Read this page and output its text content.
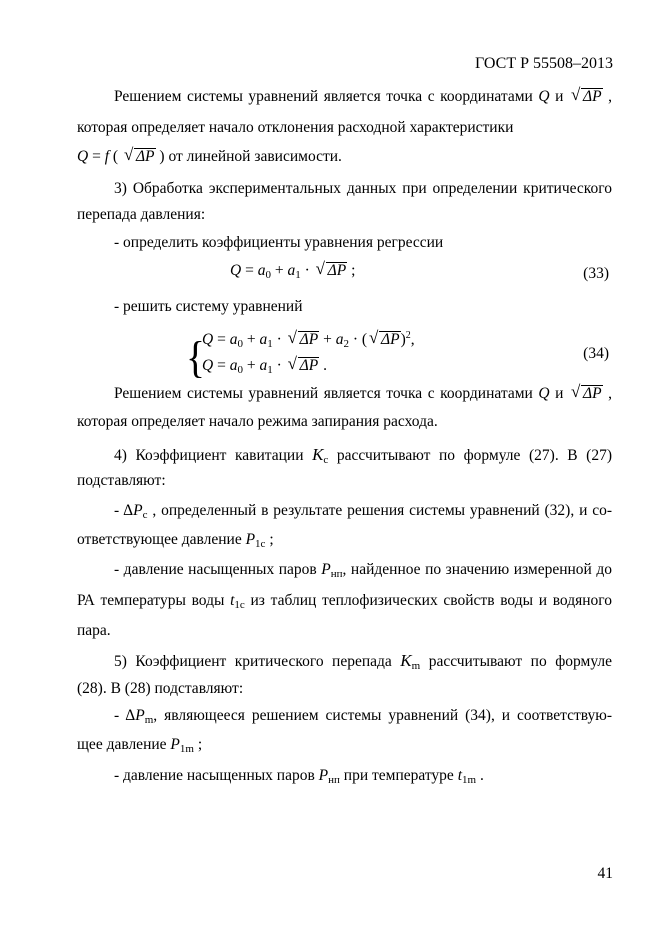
ГОСТ Р 55508–2013
Решением системы уравнений является точка с координатами Q и √ ΔP ,
которая определяет начало отклонения расходной характеристики
Q = f ( √ ΔP ) от линейной зависимости.
3) Обработка экспериментальных данных при определении критического
перепада давления:
- определить коэффициенты уравнения регрессии
$Q = a_0 + a_1$ · √ ΔP ;	(33)
- решить систему уравнений
{
$Q = a_0 + a_1$ · √ $\Delta P + a_2$ · ( √ ΔP)$^2$,
$Q = a_0 + a_1$ · √ ΔP .
(34)
Решением системы уравнений является точка с координатами Q и √ ΔP ,
которая определяет начало режима запирания расхода.
4) Коэффициент кавитации $K_c$ рассчитывают по формуле (27). В (27)
подставляют:
- $\Delta P_c$ , определенный в результате решения системы уравнений (32), и со-
ответствующее давление $P_{1c}$ ;
- давление насыщенных паров $P_{нп}$, найденное по значению измеренной до
РА температуры воды $t_{1c}$ из таблиц теплофизических свойств воды и водяного
пара.
5) Коэффициент критического перепада $K_m$ рассчитывают по формуле
(28). В (28) подставляют:
- $\Delta P_m$, являющееся решением системы уравнений (34), и соответствую-
щее давление $P_{1m}$ ;
- давление насыщенных паров $P_{нп}$ при температуре $t_{1m}$ .
41
